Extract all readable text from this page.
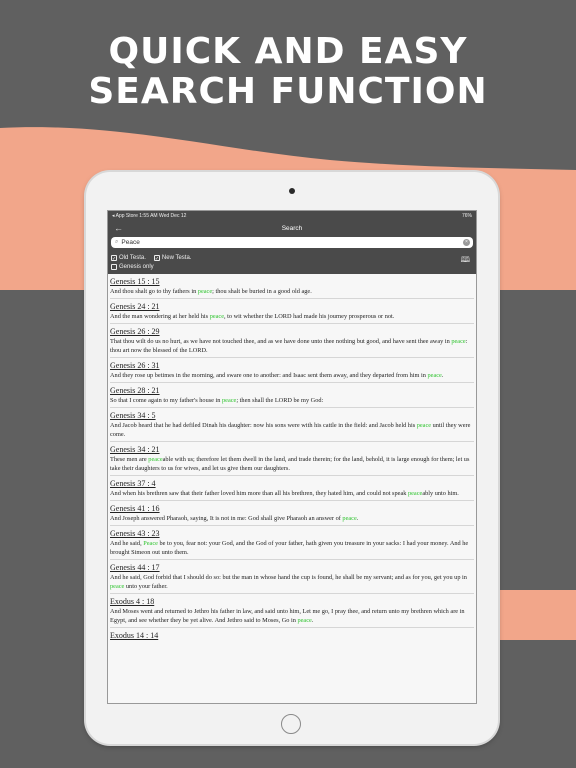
QUICK AND EASY
SEARCH FUNCTION
◂ App Store 1:55 AM Wed Dec 12	76%
←	Search
⌕ Peace	×
✓ Old Testa. ✓ New Testa.
Genesis only
🕮
Genesis 15 : 15
And thou shalt go to thy fathers in peace; thou shalt be buried in a good old age.
Genesis 24 : 21
And the man wondering at her held his peace, to wit whether the LORD had made his journey prosperous or not.
Genesis 26 : 29
That thou wilt do us no hurt, as we have not touched thee, and as we have done unto thee nothing but good, and have sent thee away in peace: thou art now the blessed of the LORD.
Genesis 26 : 31
And they rose up betimes in the morning, and sware one to another: and Isaac sent them away, and they departed from him in peace.
Genesis 28 : 21
So that I come again to my father's house in peace; then shall the LORD be my God:
Genesis 34 : 5
And Jacob heard that he had defiled Dinah his daughter: now his sons were with his cattle in the field: and Jacob held his peace until they were come.
Genesis 34 : 21
These men are peaceable with us; therefore let them dwell in the land, and trade therein; for the land, behold, it is large enough for them; let us take their daughters to us for wives, and let us give them our daughters.
Genesis 37 : 4
And when his brethren saw that their father loved him more than all his brethren, they hated him, and could not speak peaceably unto him.
Genesis 41 : 16
And Joseph answered Pharaoh, saying, It is not in me: God shall give Pharaoh an answer of peace.
Genesis 43 : 23
And he said, Peace be to you, fear not: your God, and the God of your father, hath given you treasure in your sacks: I had your money. And he brought Simeon out unto them.
Genesis 44 : 17
And he said, God forbid that I should do so: but the man in whose hand the cup is found, he shall be my servant; and as for you, get you up in peace unto your father.
Exodus 4 : 18
And Moses went and returned to Jethro his father in law, and said unto him, Let me go, I pray thee, and return unto my brethren which are in Egypt, and see whether they be yet alive. And Jethro said to Moses, Go in peace.
Exodus 14 : 14
